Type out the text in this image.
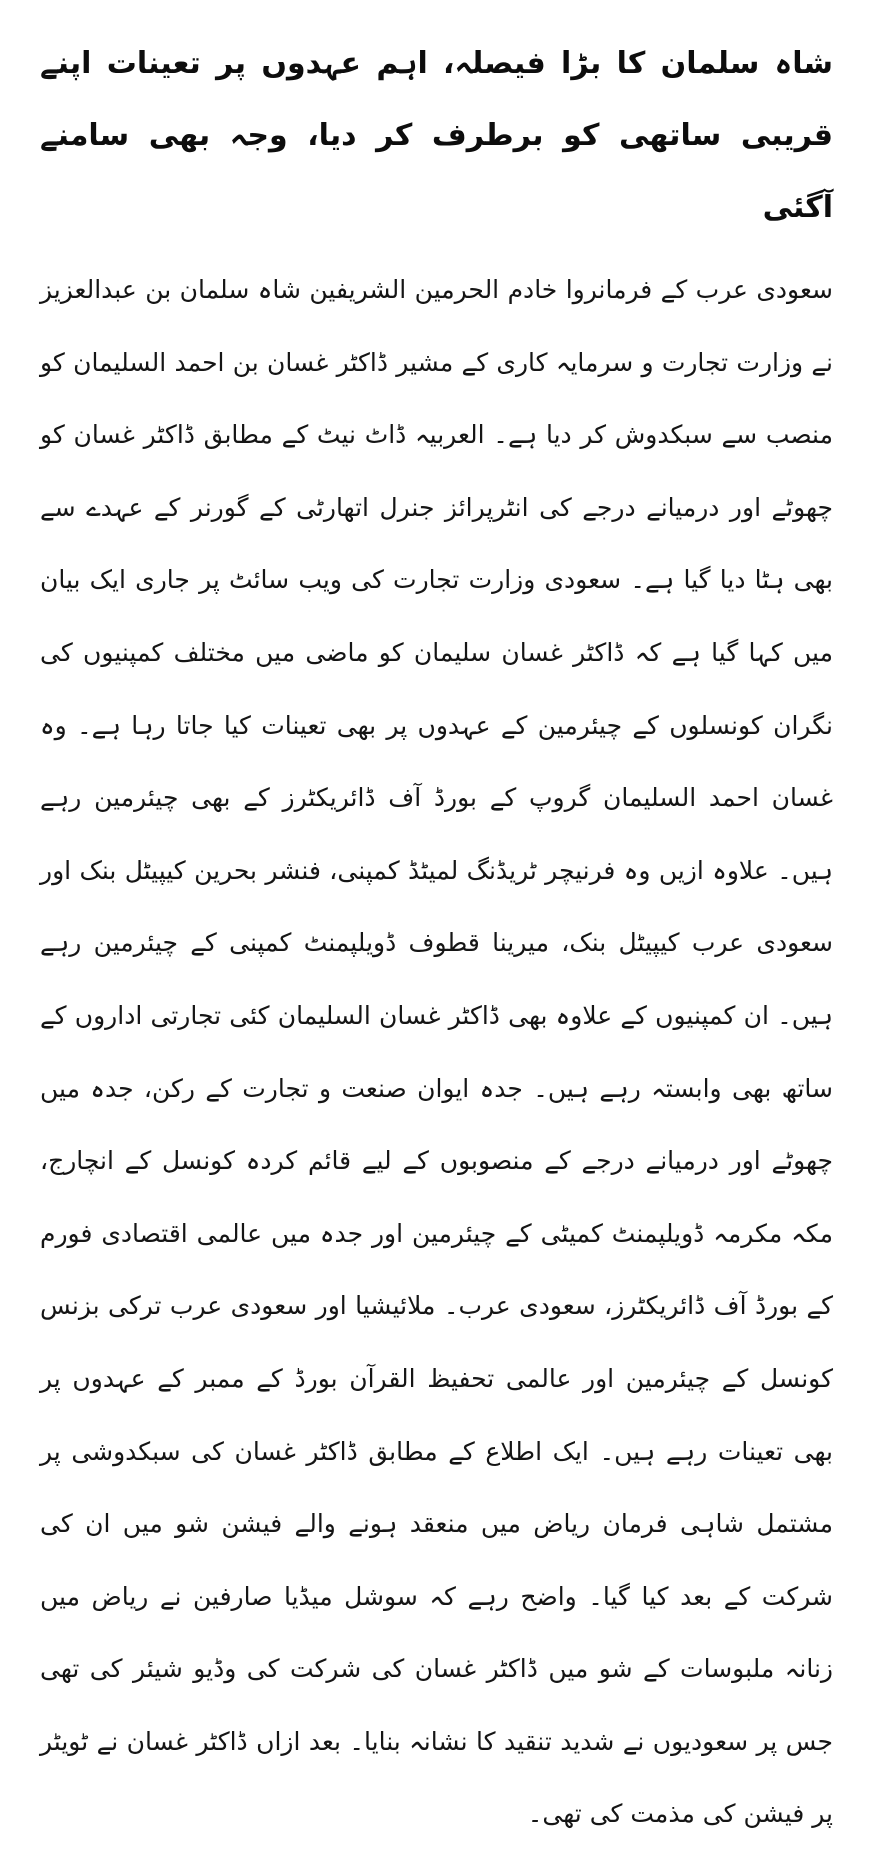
شاہ سلمان کا بڑا فیصلہ، اہم عہدوں پر تعینات اپنے قریبی ساتھی کو برطرف کر دیا، وجہ بھی سامنے آگئی

سعودی عرب کے فرمانروا خادم الحرمین الشریفین شاہ سلمان بن عبدالعزیز نے وزارت تجارت و سرمایہ کاری کے مشیر ڈاکٹر غسان بن احمد السلیمان کو منصب سے سبکدوش کر دیا ہے۔ العربیہ ڈاٹ نیٹ کے مطابق ڈاکٹر غسان کو چھوٹے اور درمیانے درجے کی انٹرپرائز جنرل اتھارٹی کے گورنر کے عہدے سے بھی ہٹا دیا گیا ہے۔ سعودی وزارت تجارت کی ویب سائٹ پر جاری ایک بیان میں کہا گیا ہے کہ ڈاکٹر غسان سلیمان کو ماضی میں مختلف کمپنیوں کی نگران کونسلوں کے چیئرمین کے عہدوں پر بھی تعینات کیا جاتا رہا ہے۔ وہ غسان احمد السلیمان گروپ کے بورڈ آف ڈائریکٹرز کے بھی چیئرمین رہے ہیں۔ علاوہ ازیں وہ فرنیچر ٹریڈنگ لمیٹڈ کمپنی، فنشر بحرین کیپیٹل بنک اور سعودی عرب کیپیٹل بنک، میرینا قطوف ڈویلپمنٹ کمپنی کے چیئرمین رہے ہیں۔ ان کمپنیوں کے علاوہ بھی ڈاکٹر غسان السلیمان کئی تجارتی اداروں کے ساتھ بھی وابستہ رہے ہیں۔ جدہ ایوان صنعت و تجارت کے رکن، جدہ میں چھوٹے اور درمیانے درجے کے منصوبوں کے لیے قائم کردہ کونسل کے انچارج، مکہ مکرمہ ڈویلپمنٹ کمیٹی کے چیئرمین اور جدہ میں عالمی اقتصادی فورم کے بورڈ آف ڈائریکٹرز، سعودی عرب۔ ملائیشیا اور سعودی عرب ترکی بزنس کونسل کے چیئرمین اور عالمی تحفیظ القرآن بورڈ کے ممبر کے عہدوں پر بھی تعینات رہے ہیں۔ ایک اطلاع کے مطابق ڈاکٹر غسان کی سبکدوشی پر مشتمل شاہی فرمان ریاض میں منعقد ہونے والے فیشن شو میں ان کی شرکت کے بعد کیا گیا۔ واضح رہے کہ سوشل میڈیا صارفین نے ریاض میں زنانہ ملبوسات کے شو میں ڈاکٹر غسان کی شرکت کی وڈیو شیئر کی تھی جس پر سعودیوں نے شدید تنقید کا نشانہ بنایا۔ بعد ازاں ڈاکٹر غسان نے ٹویٹر پر فیشن کی مذمت کی تھی۔
